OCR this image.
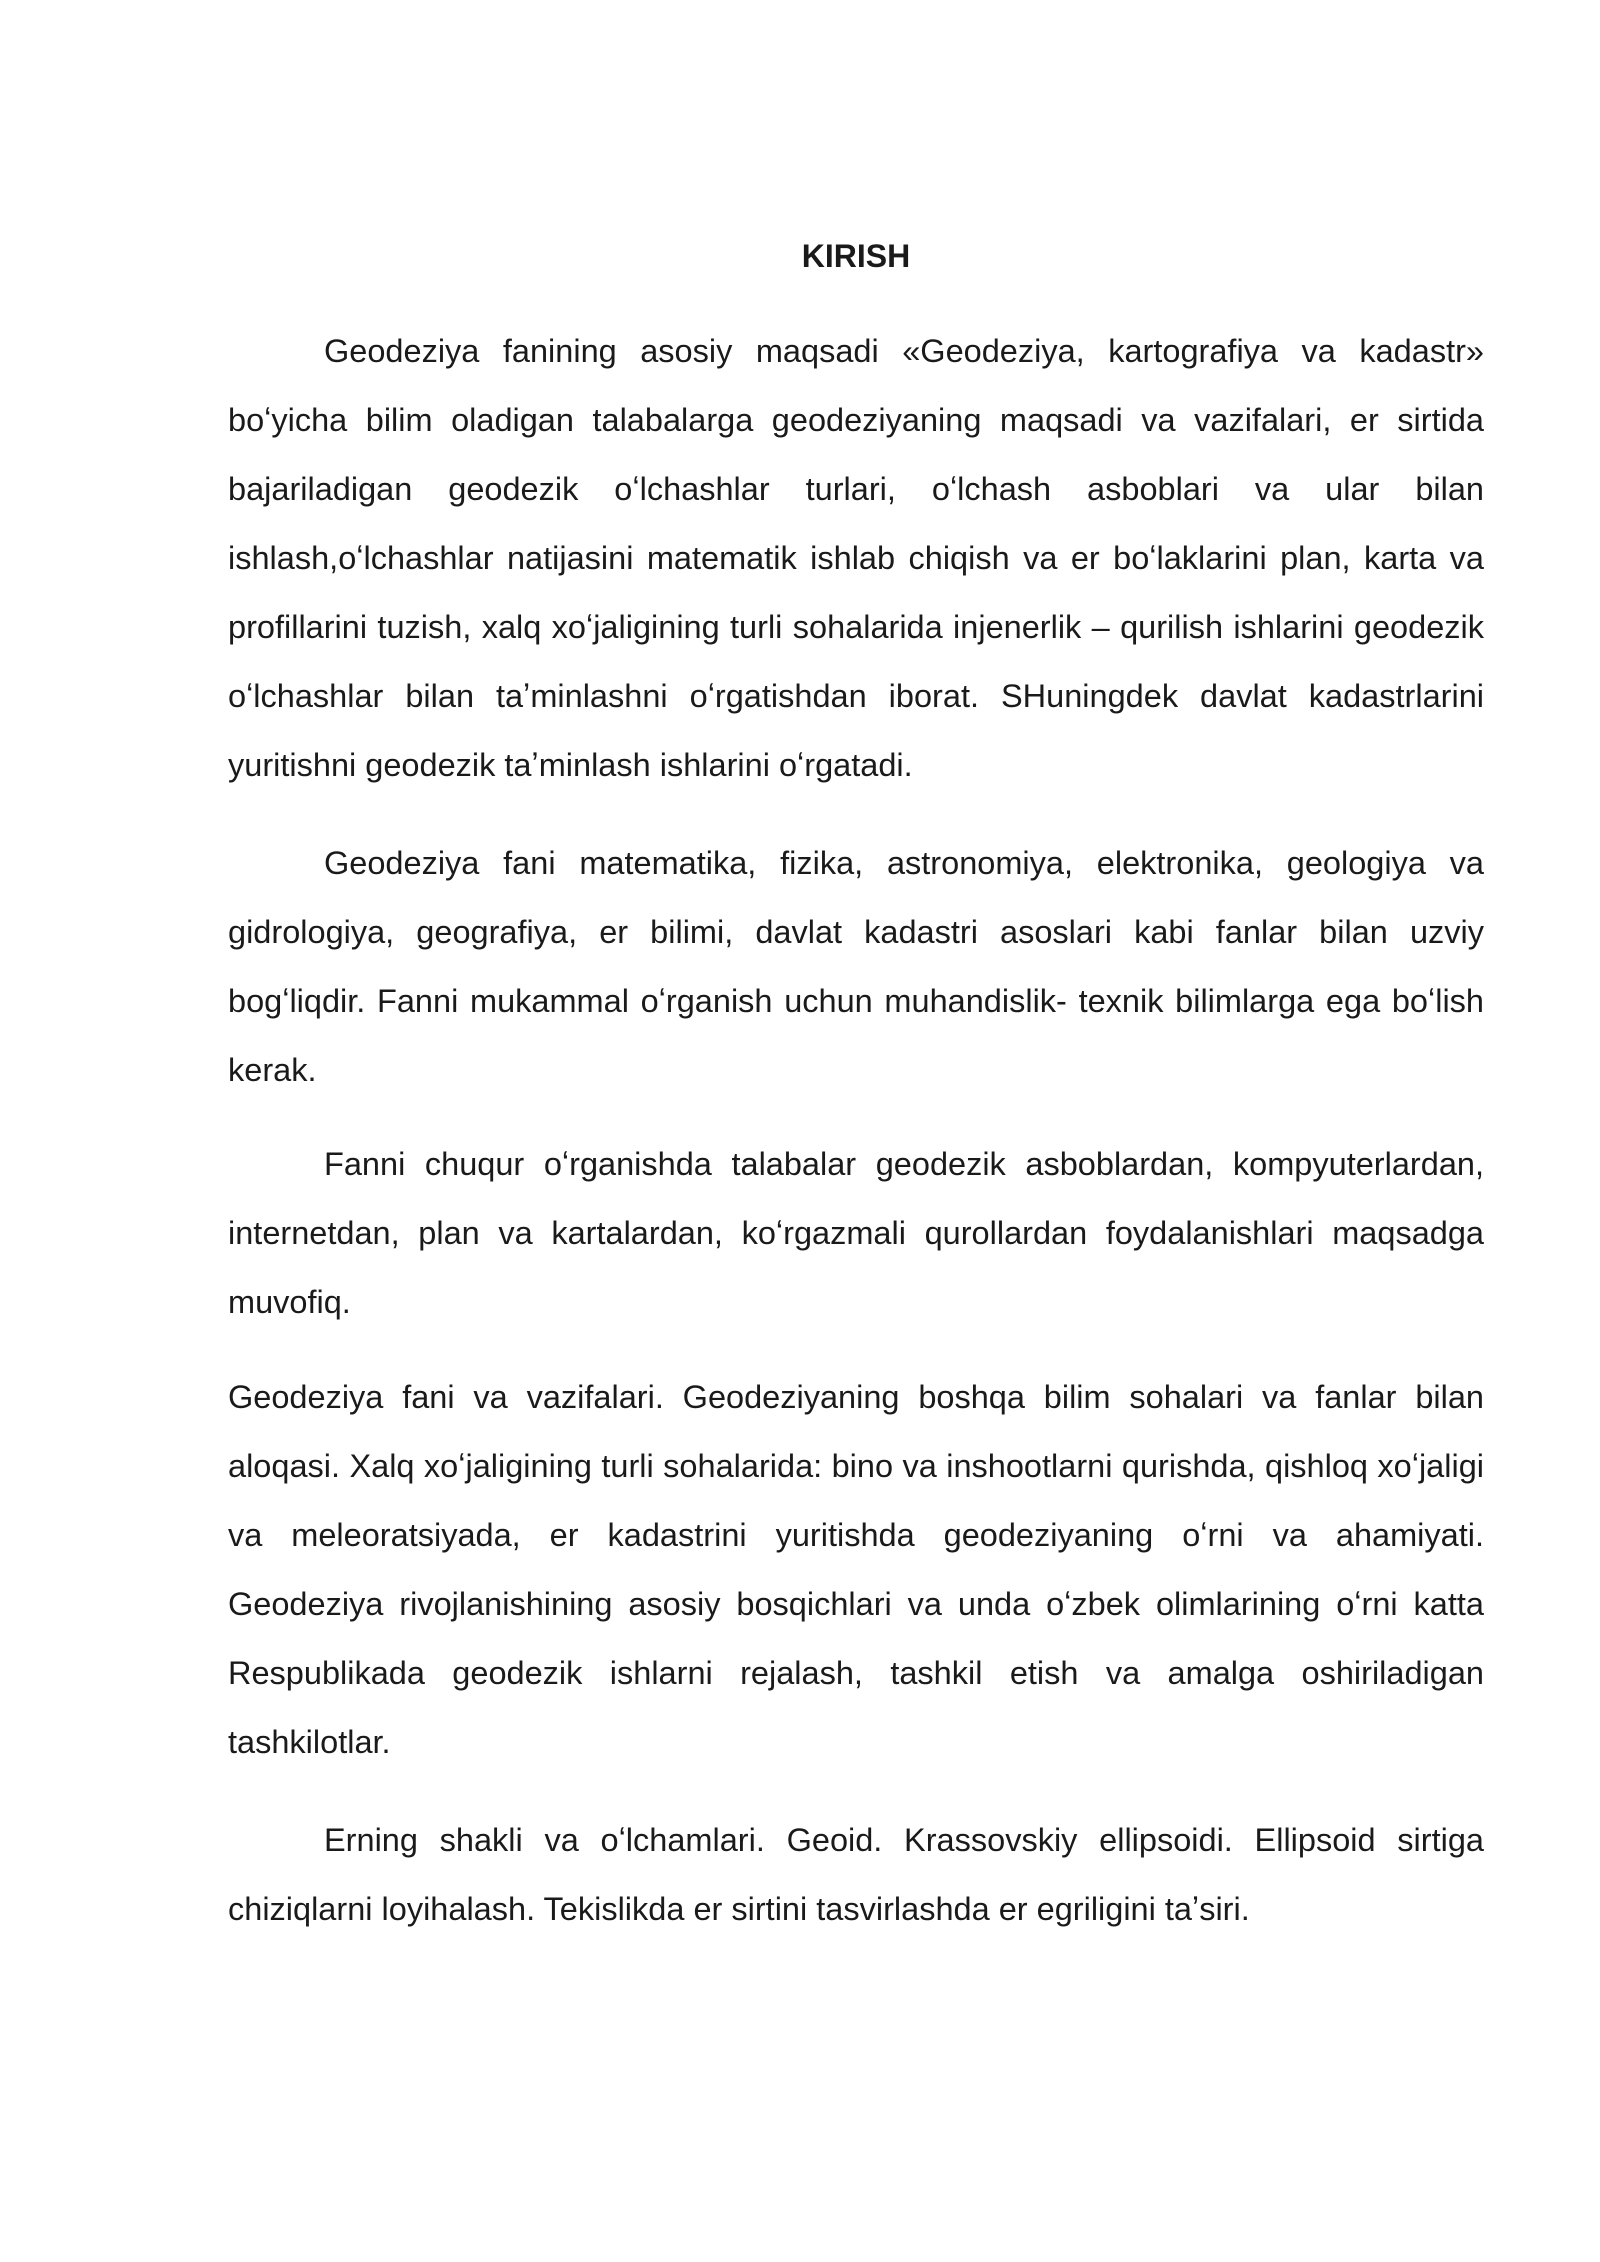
KIRISH

Geodeziya fanining asosiy maqsadi «Geodeziya, kartografiya va kadastr» boʻyicha bilim oladigan talabalarga geodeziyaning maqsadi va vazifalari, er sirtida bajariladigan geodezik oʻlchashlar turlari, oʻlchash asboblari va ular bilan ishlash,oʻlchashlar natijasini matematik ishlab chiqish va er boʻlaklarini plan, karta va profillarini tuzish, xalq xoʻjaligining turli sohalarida injenerlik – qurilish ishlarini geodezik oʻlchashlar bilan taʼminlashni oʻrgatishdan iborat. SHuningdek davlat kadastrlarini yuritishni geodezik taʼminlash ishlarini oʻrgatadi.

Geodeziya fani matematika, fizika, astronomiya, elektronika, geologiya va gidrologiya, geografiya, er bilimi, davlat kadastri asoslari kabi fanlar bilan uzviy bogʻliqdir. Fanni mukammal oʻrganish uchun muhandislik- texnik bilimlarga ega boʻlish kerak.

Fanni chuqur oʻrganishda talabalar geodezik asboblardan, kompyuterlardan, internetdan, plan va kartalardan, koʻrgazmali qurollardan foydalanishlari maqsadga muvofiq.

Geodeziya fani va vazifalari. Geodeziyaning boshqa bilim sohalari va fanlar bilan aloqasi. Xalq xoʻjaligining turli sohalarida: bino va inshootlarni qurishda, qishloq xoʻjaligi va meleoratsiyada, er kadastrini yuritishda geodeziyaning oʻrni va ahamiyati. Geodeziya rivojlanishining asosiy bosqichlari va unda oʻzbek olimlarining oʻrni katta Respublikada geodezik ishlarni rejalash, tashkil etish va amalga oshiriladigan tashkilotlar.

Erning shakli va oʻlchamlari. Geoid. Krassovskiy ellipsoidi. Ellipsoid sirtiga chiziqlarni loyihalash. Tekislikda er sirtini tasvirlashda er egriligini taʼsiri.
